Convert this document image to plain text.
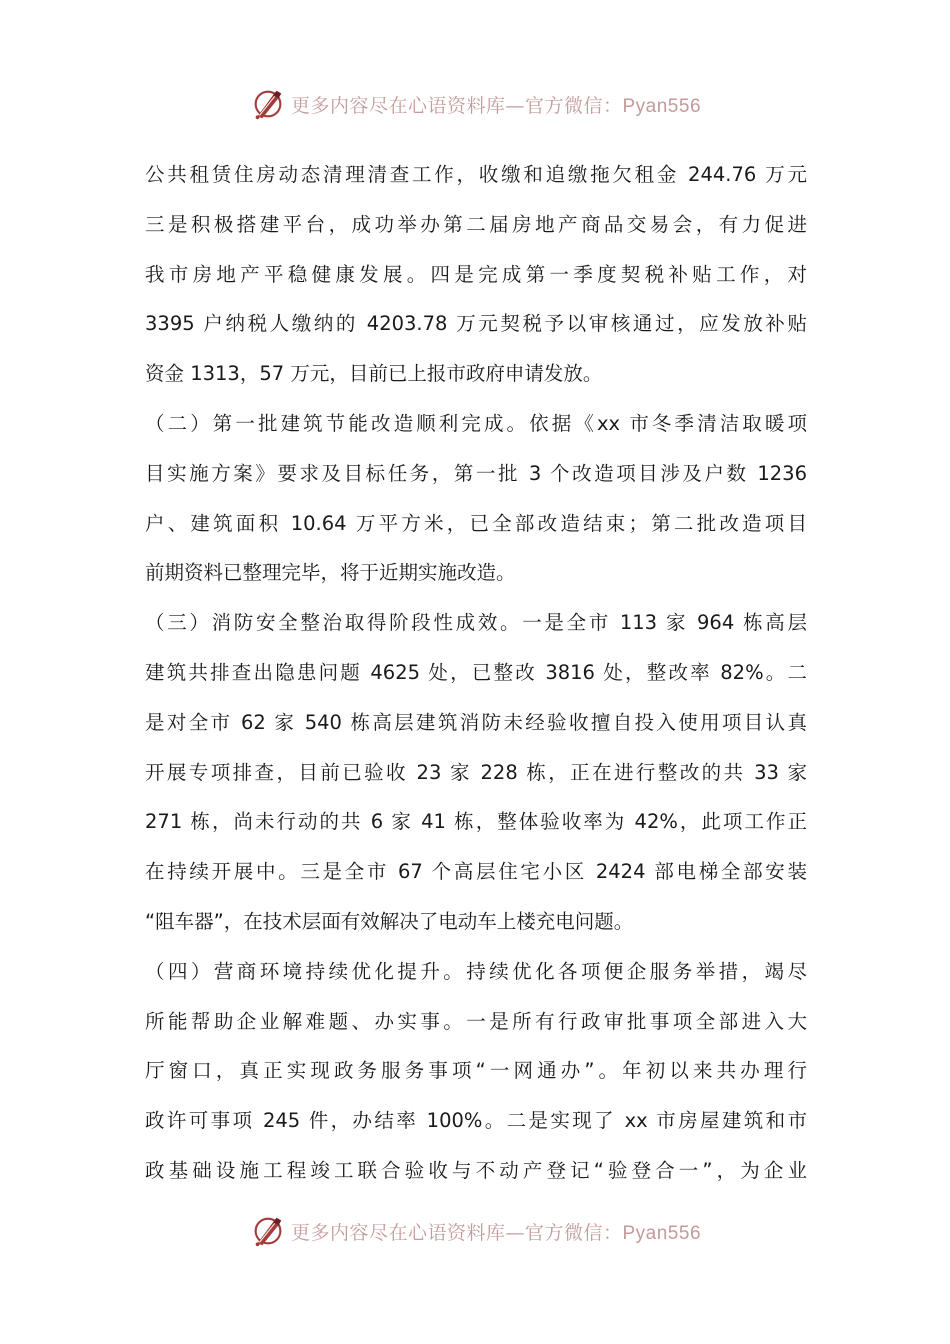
更多内容尽在心语资料库—官方微信：Pyan556
公共租赁住房动态清理清查工作，收缴和追缴拖欠租金 244.76 万元
三是积极搭建平台，成功举办第二届房地产商品交易会，有力促进
我市房地产平稳健康发展。四是完成第一季度契税补贴工作，对
3395 户纳税人缴纳的 4203.78 万元契税予以审核通过，应发放补贴
资金 1313，57 万元，目前已上报市政府申请发放。
（二）第一批建筑节能改造顺利完成。依据《xx 市冬季清洁取暖项
目实施方案》要求及目标任务，第一批 3 个改造项目涉及户数 1236
户、建筑面积 10.64 万平方米，已全部改造结束；第二批改造项目
前期资料已整理完毕，将于近期实施改造。
（三）消防安全整治取得阶段性成效。一是全市 113 家 964 栋高层
建筑共排查出隐患问题 4625 处，已整改 3816 处，整改率 82%。二
是对全市 62 家 540 栋高层建筑消防未经验收擅自投入使用项目认真
开展专项排查，目前已验收 23 家 228 栋，正在进行整改的共 33 家
271 栋，尚未行动的共 6 家 41 栋，整体验收率为 42%，此项工作正
在持续开展中。三是全市 67 个高层住宅小区 2424 部电梯全部安装
“阻车器”，在技术层面有效解决了电动车上楼充电问题。
（四）营商环境持续优化提升。持续优化各项便企服务举措，竭尽
所能帮助企业解难题、办实事。一是所有行政审批事项全部进入大
厅窗口，真正实现政务服务事项“一网通办”。年初以来共办理行
政许可事项 245 件，办结率 100%。二是实现了 xx 市房屋建筑和市
政基础设施工程竣工联合验收与不动产登记“验登合一”，为企业
更多内容尽在心语资料库—官方微信：Pyan556
